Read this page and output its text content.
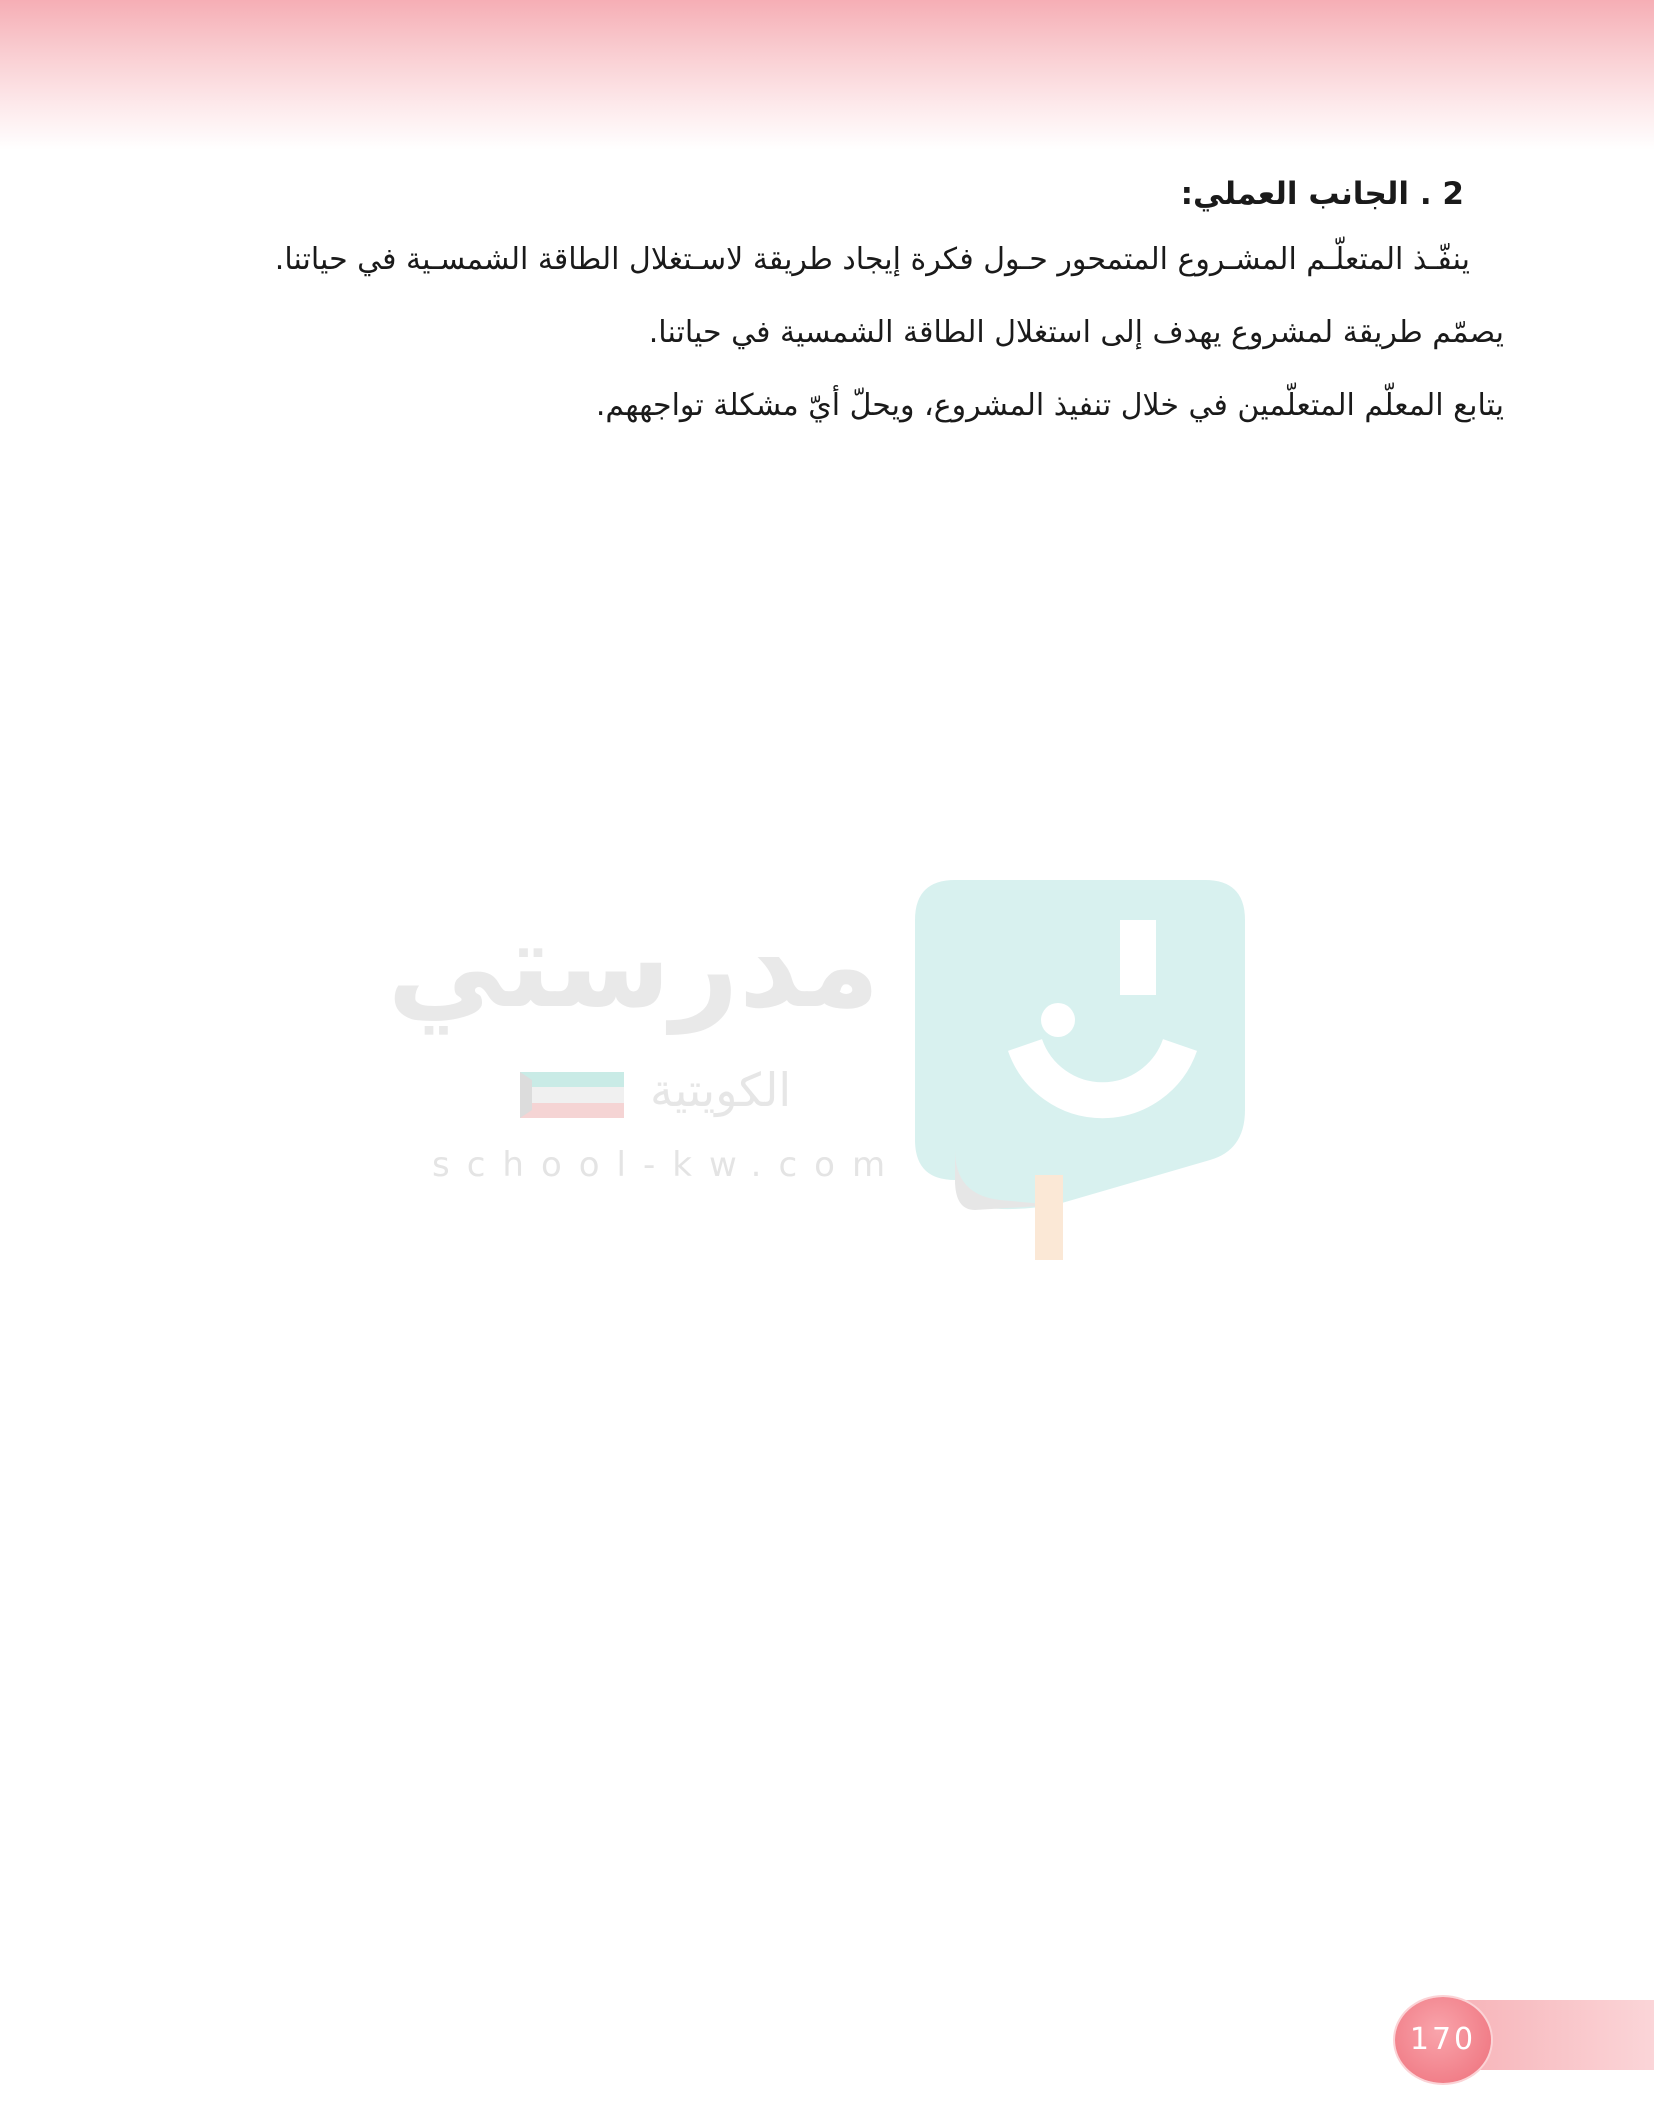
2 . الجانب العملي:

ينفّـذ المتعلّـم المشـروع المتمحور حـول فكرة إيجاد طريقة لاسـتغلال الطاقة الشمسـية في حياتنا.

يصمّم طريقة لمشروع يهدف إلى استغلال الطاقة الشمسية في حياتنا.

يتابع المعلّم المتعلّمين في خلال تنفيذ المشروع، ويحلّ أيّ مشكلة تواجههم.

مدرستي
الكويتية
school-kw.com
170
